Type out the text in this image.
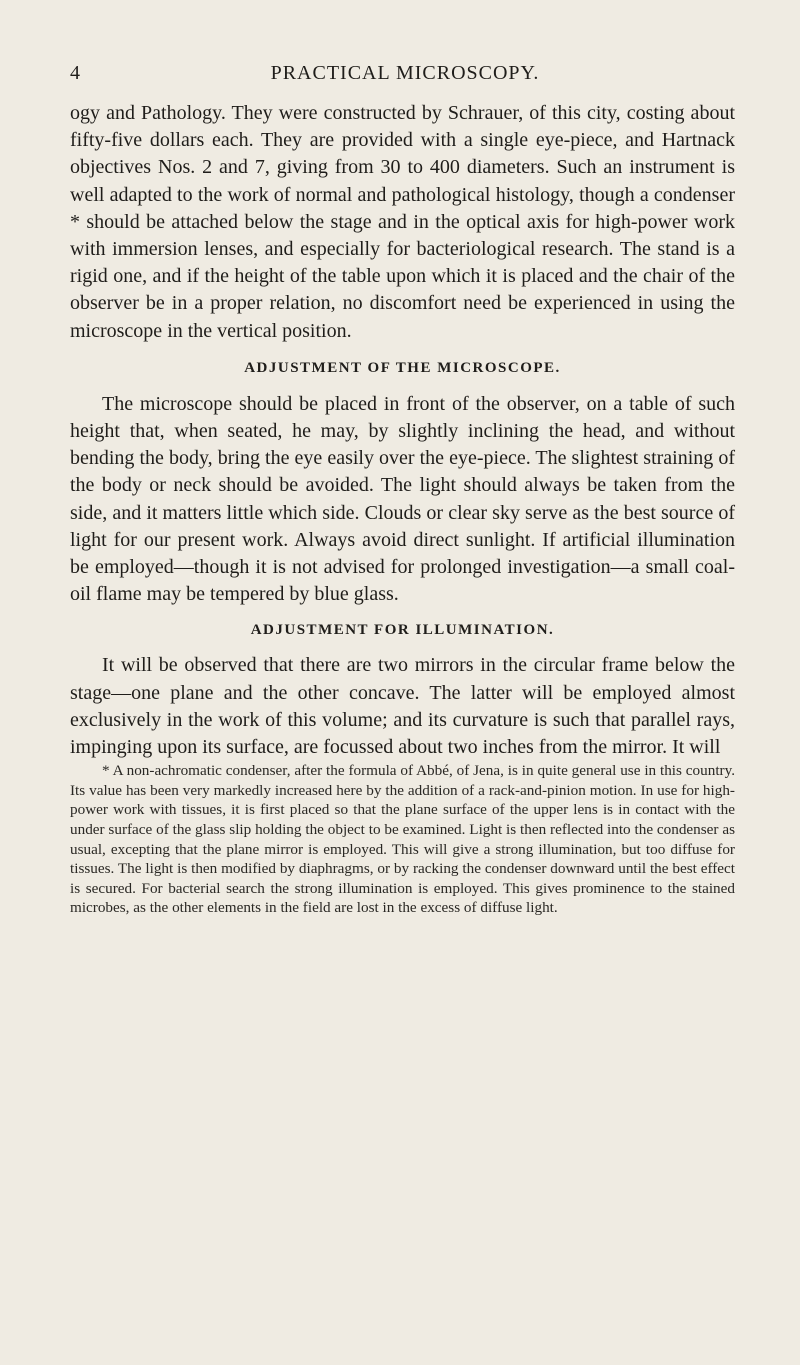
4	PRACTICAL MICROSCOPY.

ogy and Pathology. They were constructed by Schrauer, of this city, costing about fifty-five dollars each. They are provided with a single eye-piece, and Hartnack objectives Nos. 2 and 7, giving from 30 to 400 diameters. Such an instrument is well adapted to the work of normal and pathological histology, though a condenser * should be attached below the stage and in the optical axis for high-power work with immersion lenses, and especially for bacteriological research. The stand is a rigid one, and if the height of the table upon which it is placed and the chair of the observer be in a proper relation, no discomfort need be experienced in using the microscope in the vertical position.

ADJUSTMENT OF THE MICROSCOPE.

The microscope should be placed in front of the observer, on a table of such height that, when seated, he may, by slightly inclining the head, and without bending the body, bring the eye easily over the eye-piece. The slightest straining of the body or neck should be avoided. The light should always be taken from the side, and it matters little which side. Clouds or clear sky serve as the best source of light for our present work. Always avoid direct sunlight. If artificial illumination be employed—though it is not advised for prolonged investigation—a small coal-oil flame may be tempered by blue glass.

ADJUSTMENT FOR ILLUMINATION.

It will be observed that there are two mirrors in the circular frame below the stage—one plane and the other concave. The latter will be employed almost exclusively in the work of this volume; and its curvature is such that parallel rays, impinging upon its surface, are focussed about two inches from the mirror. It will

* A non-achromatic condenser, after the formula of Abbé, of Jena, is in quite general use in this country. Its value has been very markedly increased here by the addition of a rack-and-pinion motion. In use for high-power work with tissues, it is first placed so that the plane surface of the upper lens is in contact with the under surface of the glass slip holding the object to be examined. Light is then reflected into the condenser as usual, excepting that the plane mirror is employed. This will give a strong illumination, but too diffuse for tissues. The light is then modified by diaphragms, or by racking the condenser downward until the best effect is secured. For bacterial search the strong illumination is employed. This gives prominence to the stained microbes, as the other elements in the field are lost in the excess of diffuse light.
